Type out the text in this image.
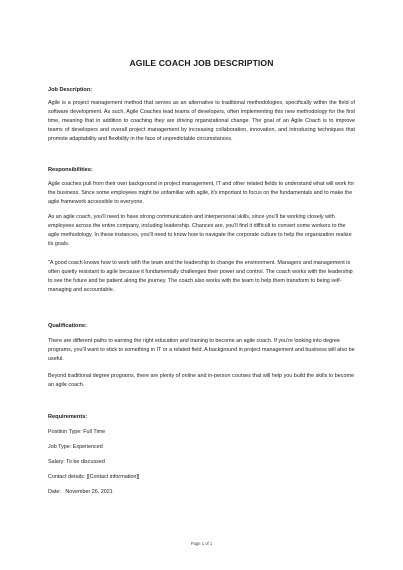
AGILE COACH JOB DESCRIPTION
Job Description:

Agile is a project management method that serves as an alternative to traditional methodologies, specifically within the field of software development. As such, Agile Coaches lead teams of developers, often implementing this new methodology for the first time, meaning that in addition to coaching they are driving organizational change. The goal of an Agile Coach is to improve teams of developers and overall project management by increasing collaboration, innovation, and introducing techniques that promote adaptability and flexibility in the face of unpredictable circumstances.

Responsibilities:

Agile coaches pull from their own background in project management, IT and other related fields to understand what will work for the business. Since some employees might be unfamiliar with agile, it's important to focus on the fundamentals and to make the agile framework accessible to everyone.

As an agile coach, you'll need to have strong communication and interpersonal skills, since you'll be working closely with employees across the entire company, including leadership. Chances are, you'll find it difficult to convert some workers to the agile methodology. In these instances, you'll need to know how to navigate the corporate culture to help the organization realize its goals.

"A good coach knows how to work with the team and the leadership to change the environment. Managers and management is often quietly resistant to agile because it fundamentally challenges their power and control. The coach works with the leadership to see the future and be patient along the journey. The coach also works with the team to help them transform to being self-managing and accountable.

Qualifications:

There are different paths to earning the right education and training to become an agile coach. If you're looking into degree programs, you'll want to stick to something in IT or a related field. A background in project management and business will also be useful.

Beyond traditional degree programs, there are plenty of online and in-person courses that will help you build the skills to become an agile coach.

Requirements:
Position Type: Full Time
Job Type: Experienced
Salary: To be discussed
Contact details: [[Contact information]]
Date:   November 26, 2021
Page 1 of 1
